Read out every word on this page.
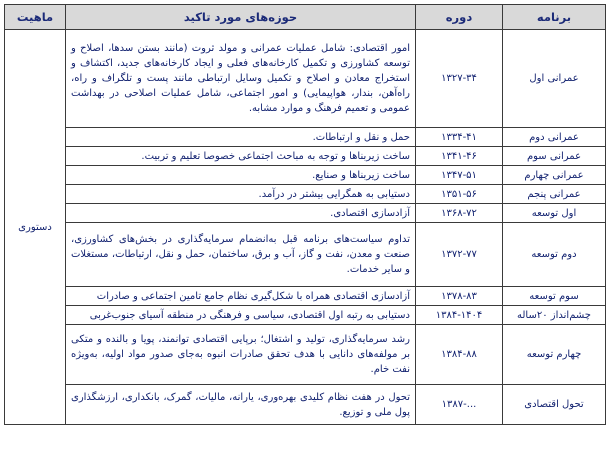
برنامه	دوره	حوزه‌های مورد تاکید	ماهیت
عمرانی اول	۱۳۲۷-۳۴	امور اقتصادی: شامل عملیات عمرانی و مولد ثروت (مانند بستن سدها، اصلاح و توسعه کشاورزی و تکمیل کارخانه‌های فعلی و ایجاد کارخانه‌های جدید، اکتشاف و استخراج معادن و اصلاح و تکمیل وسایل ارتباطی مانند پست و تلگراف و راه، راه‌آهن، بندار، هواپیمایی) و امور اجتماعی، شامل عملیات اصلاحی در بهداشت عمومی و تعمیم فرهنگ و موارد مشابه.	دستوری
عمرانی دوم	۱۳۳۴-۴۱	حمل و نقل و ارتباطات.	
عمرانی سوم	۱۳۴۱-۴۶	ساخت زیربناها و توجه به مباحث اجتماعی خصوصا تعلیم و تربیت.	
عمرانی چهارم	۱۳۴۷-۵۱	ساخت زیربناها و صنایع.	
عمرانی پنجم	۱۳۵۱-۵۶	دستیابی به همگرایی بیشتر در درآمد.	
اول توسعه	۱۳۶۸-۷۲	آزادسازی اقتصادی.	
دوم توسعه	۱۳۷۲-۷۷	تداوم سیاست‌های برنامه قبل به‌انضمام سرمایه‌گذاری در بخش‌های کشاورزی، صنعت و معدن، نفت و گاز، آب و برق، ساختمان، حمل و نقل، ارتباطات، مستغلات و سایر خدمات.	
سوم توسعه	۱۳۷۸-۸۳	آزادسازی اقتصادی همراه با شکل‌گیری نظام جامع تامین اجتماعی و صادرات	
چشم‌انداز ۲۰ساله	۱۳۸۴-۱۴۰۴	دستیابی به رتبه اول اقتصادی، سیاسی و فرهنگی در منطقه آسیای جنوب‌غربی	
چهارم توسعه	۱۳۸۴-۸۸	رشد سرمایه‌گذاری، تولید و اشتغال؛ برپایی اقتصادی توانمند، پویا و بالنده و متکی بر مولفه‌های دانایی با هدف تحقق صادرات انبوه به‌جای صدور مواد اولیه، به‌ویژه نفت خام.	
تحول اقتصادی	...-۱۳۸۷	تحول در هفت نظام کلیدی بهره‌وری، یارانه، مالیات، گمرک، بانکداری، ارزشگذاری پول ملی و توزیع.	
